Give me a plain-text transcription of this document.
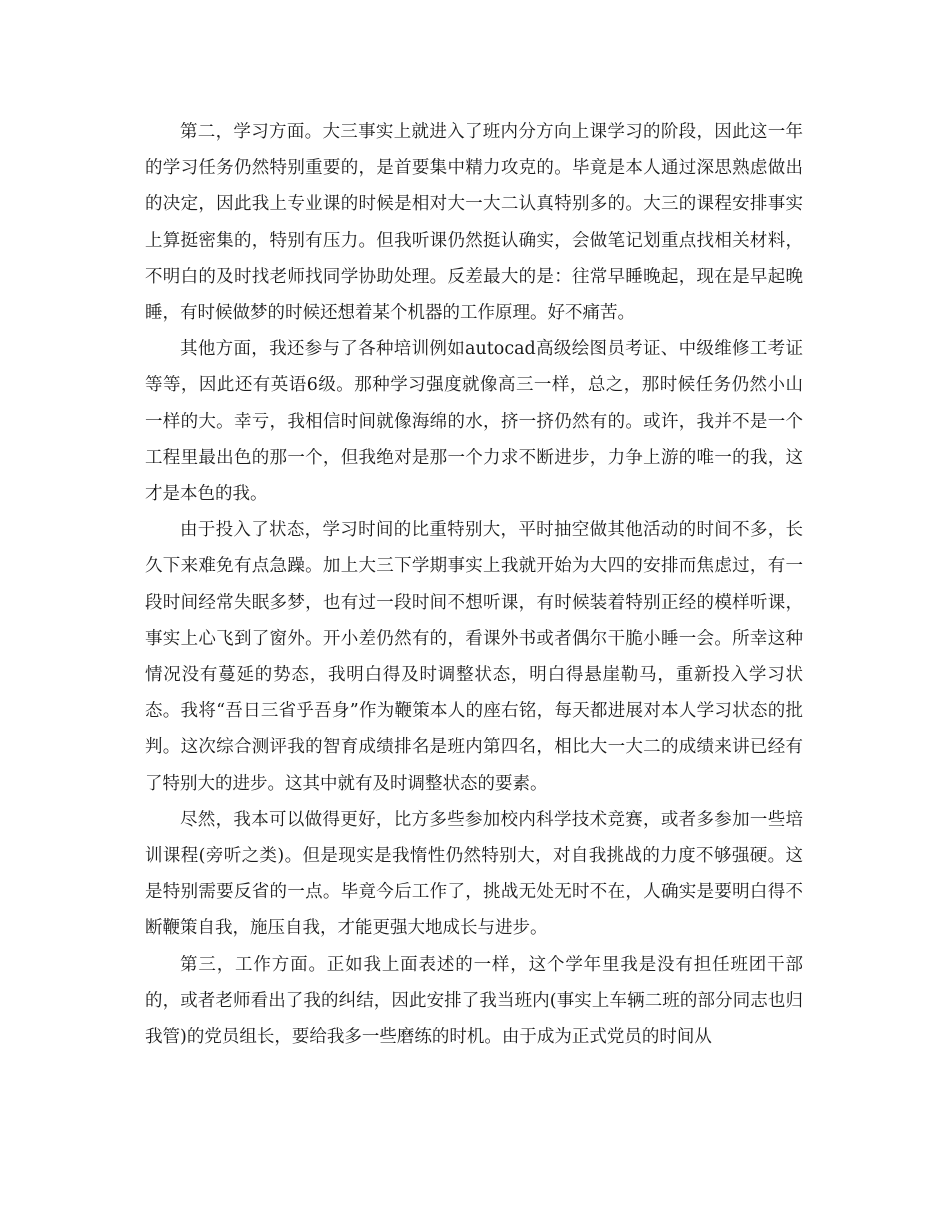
第二，学习方面。大三事实上就进入了班内分方向上课学习的阶段，因此这一年的学习任务仍然特别重要的，是首要集中精力攻克的。毕竟是本人通过深思熟虑做出的决定，因此我上专业课的时候是相对大一大二认真特别多的。大三的课程安排事实上算挺密集的，特别有压力。但我听课仍然挺认确实，会做笔记划重点找相关材料，不明白的及时找老师找同学协助处理。反差最大的是：往常早睡晚起，现在是早起晚睡，有时候做梦的时候还想着某个机器的工作原理。好不痛苦。

其他方面，我还参与了各种培训例如autocad高级绘图员考证、中级维修工考证等等，因此还有英语6级。那种学习强度就像高三一样，总之，那时候任务仍然小山一样的大。幸亏，我相信时间就像海绵的水，挤一挤仍然有的。或许，我并不是一个工程里最出色的那一个，但我绝对是那一个力求不断进步，力争上游的唯一的我，这才是本色的我。

由于投入了状态，学习时间的比重特别大，平时抽空做其他活动的时间不多，长久下来难免有点急躁。加上大三下学期事实上我就开始为大四的安排而焦虑过，有一段时间经常失眠多梦，也有过一段时间不想听课，有时候装着特别正经的模样听课，事实上心飞到了窗外。开小差仍然有的，看课外书或者偶尔干脆小睡一会。所幸这种情况没有蔓延的势态，我明白得及时调整状态，明白得悬崖勒马，重新投入学习状态。我将“吾日三省乎吾身”作为鞭策本人的座右铭，每天都进展对本人学习状态的批判。这次综合测评我的智育成绩排名是班内第四名，相比大一大二的成绩来讲已经有了特别大的进步。这其中就有及时调整状态的要素。

尽然，我本可以做得更好，比方多些参加校内科学技术竞赛，或者多参加一些培训课程(旁听之类)。但是现实是我惰性仍然特别大，对自我挑战的力度不够强硬。这是特别需要反省的一点。毕竟今后工作了，挑战无处无时不在，人确实是要明白得不断鞭策自我，施压自我，才能更强大地成长与进步。

第三，工作方面。正如我上面表述的一样，这个学年里我是没有担任班团干部的，或者老师看出了我的纠结，因此安排了我当班内(事实上车辆二班的部分同志也归我管)的党员组长，要给我多一些磨练的时机。由于成为正式党员的时间从
